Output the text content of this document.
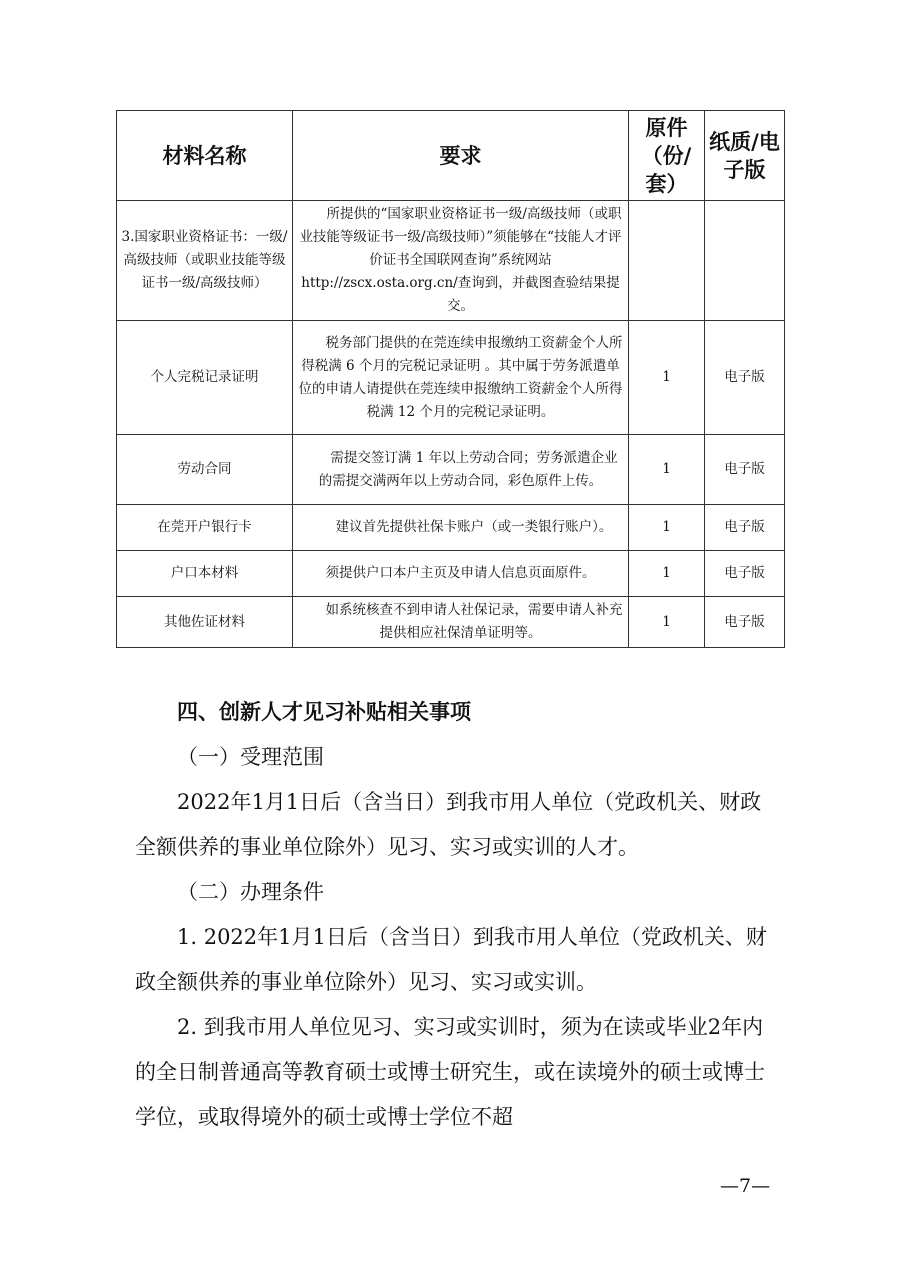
材料名称	要求	原件（份/套）	纸质/电子版
3.国家职业资格证书：一级/高级技师（或职业技能等级证书一级/高级技师）	所提供的“国家职业资格证书一级/高级技师（或职业技能等级证书一级/高级技师）”须能够在“技能人才评价证书全国联网查询”系统网站 http://zscx.osta.org.cn/查询到，并截图查验结果提交。		
个人完税记录证明	税务部门提供的在莞连续申报缴纳工资薪金个人所得税满 6 个月的完税记录证明 。其中属于劳务派遣单位的申请人请提供在莞连续申报缴纳工资薪金个人所得税满 12 个月的完税记录证明。	1	电子版
劳动合同	需提交签订满 1 年以上劳动合同；劳务派遣企业的需提交满两年以上劳动合同，彩色原件上传。	1	电子版
在莞开户银行卡	建议首先提供社保卡账户（或一类银行账户）。	1	电子版
户口本材料	须提供户口本户主页及申请人信息页面原件。	1	电子版
其他佐证材料	如系统核查不到申请人社保记录，需要申请人补充提供相应社保清单证明等。	1	电子版

四、创新人才见习补贴相关事项

（一）受理范围

2022年1月1日后（含当日）到我市用人单位（党政机关、财政全额供养的事业单位除外）见习、实习或实训的人才。

（二）办理条件

1. 2022年1月1日后（含当日）到我市用人单位（党政机关、财政全额供养的事业单位除外）见习、实习或实训。

2. 到我市用人单位见习、实习或实训时，须为在读或毕业2年内的全日制普通高等教育硕士或博士研究生，或在读境外的硕士或博士学位，或取得境外的硕士或博士学位不超

—7—
